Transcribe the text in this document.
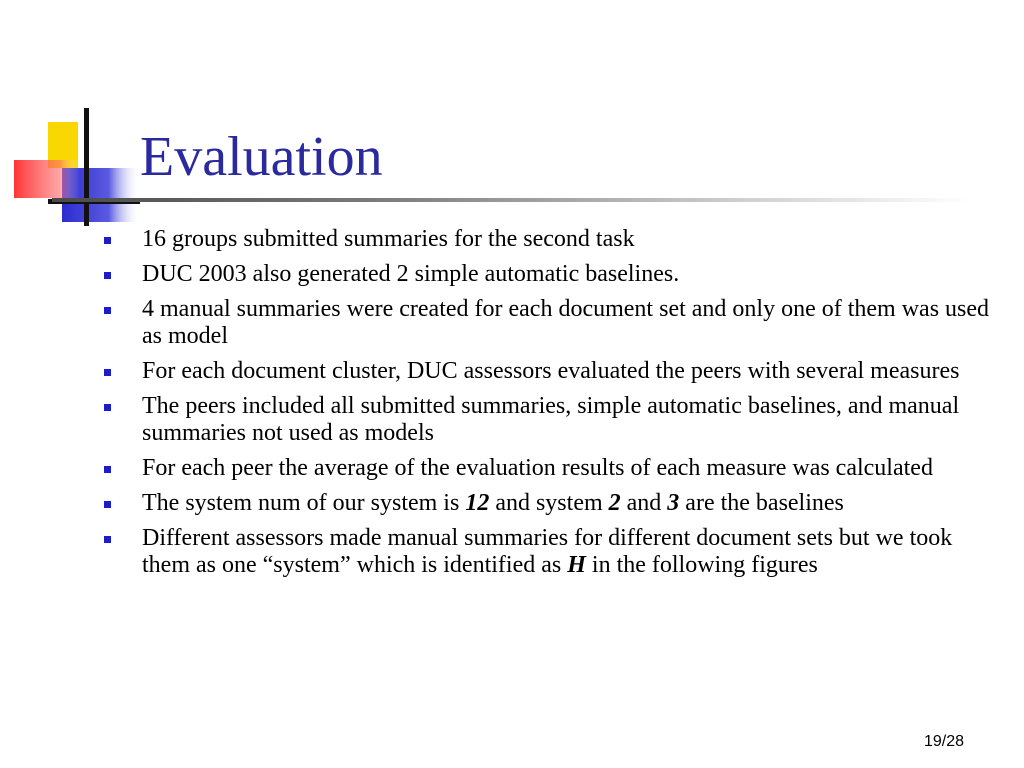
Evaluation
16 groups submitted summaries for the second task
DUC 2003 also generated 2 simple automatic baselines.
4 manual summaries were created for each document set and only one of them was used as model
For each document cluster, DUC assessors evaluated the peers with several measures
The peers included all submitted summaries, simple automatic baselines, and manual summaries not used as models
For each peer the average of the evaluation results of each measure was calculated
The system num of our system is 12 and system 2 and 3 are the baselines
Different assessors made manual summaries for different document sets but we took them as one “system” which is identified as H in the following figures
19/28
